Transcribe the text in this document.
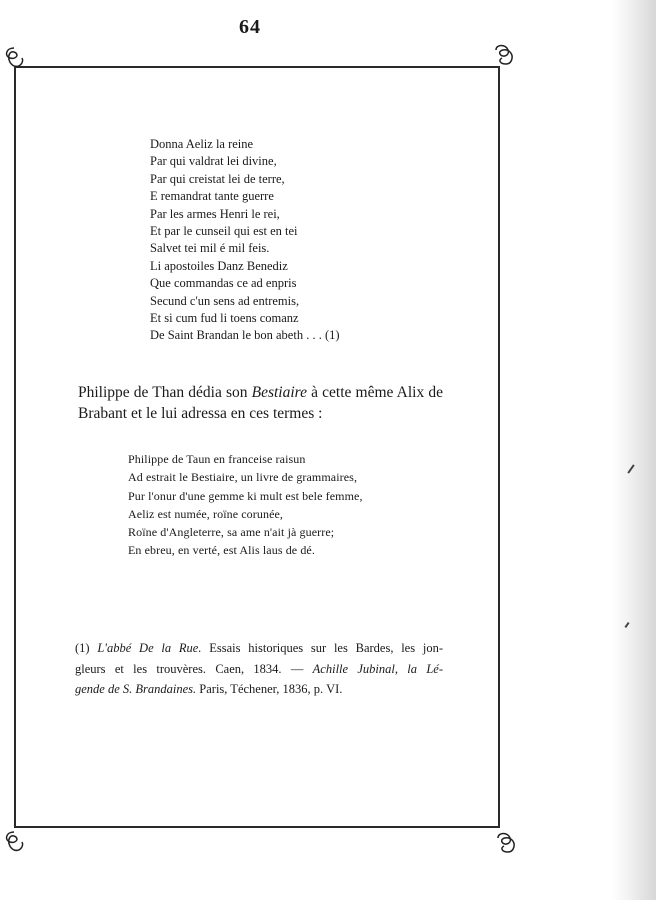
64
Donna Aeliz la reine
Par qui valdrat lei divine,
Par qui creistat lei de terre,
E remandrat tante guerre
Par les armes Henri le rei,
Et par le cunseil qui est en tei
Salvet tei mil é mil feis.
Li apostoiles Danz Benediz
Que commandas ce ad enpris
Secund c'un sens ad entremis,
Et si cum fud li toens comanz
De Saint Brandan le bon abeth . . . (1)
Philippe de Than dédia son Bestiaire à cette même Alix de
Brabant et le lui adressa en ces termes :
Philippe de Taun en franceise raisun
Ad estrait le Bestiaire, un livre de grammaires,
Pur l'onur d'une gemme ki mult est bele femme,
Aeliz est numée, roïne corunée,
Roïne d'Angleterre, sa ame n'ait jà guerre;
En ebreu, en verté, est Alis laus de dé.
(1) L'abbé De la Rue. Essais historiques sur les Bardes, les jon-
gleurs et les trouvères. Caen, 1834. — Achille Jubinal, la Lé-
gende de S. Brandaines. Paris, Téchener, 1836, p. VI.
